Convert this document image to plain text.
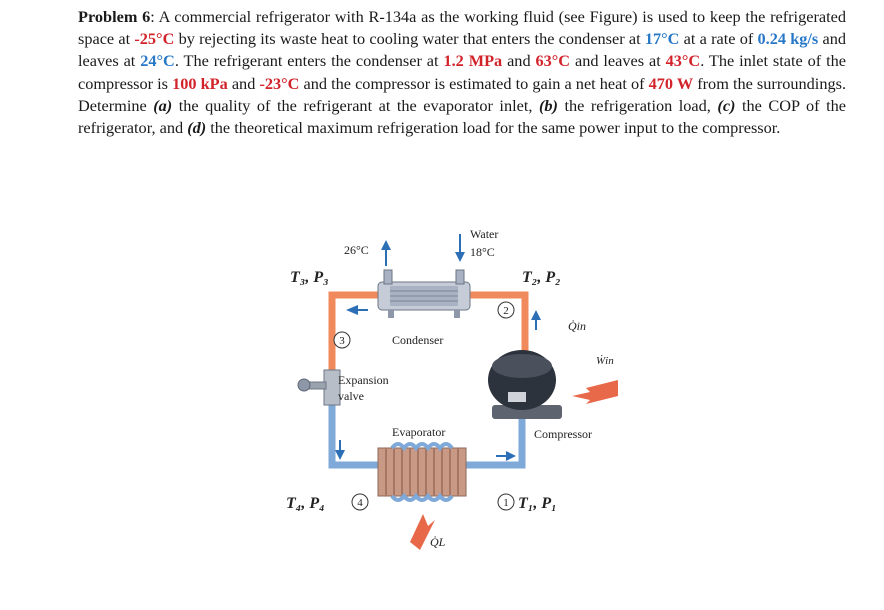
Problem 6: A commercial refrigerator with R-134a as the working fluid (see Figure) is used to keep the refrigerated space at -25°C by rejecting its waste heat to cooling water that enters the condenser at 17°C at a rate of 0.24 kg/s and leaves at 24°C. The refrigerant enters the condenser at 1.2 MPa and 63°C and leaves at 43°C. The inlet state of the compressor is 100 kPa and -23°C and the compressor is estimated to gain a net heat of 470 W from the surroundings. Determine (a) the quality of the refrigerant at the evaporator inlet, (b) the refrigeration load, (c) the COP of the refrigerator, and (d) the theoretical maximum refrigeration load for the same power input to the compressor.

3
2
4	1
26°C
Water
18°C
T₃, P₃	T₂, P₂
T₄, P₄	T₁, P₁
Condenser
Expansion
valve
Evaporator	Compressor
Q̇in
Ẇin
Q̇L
